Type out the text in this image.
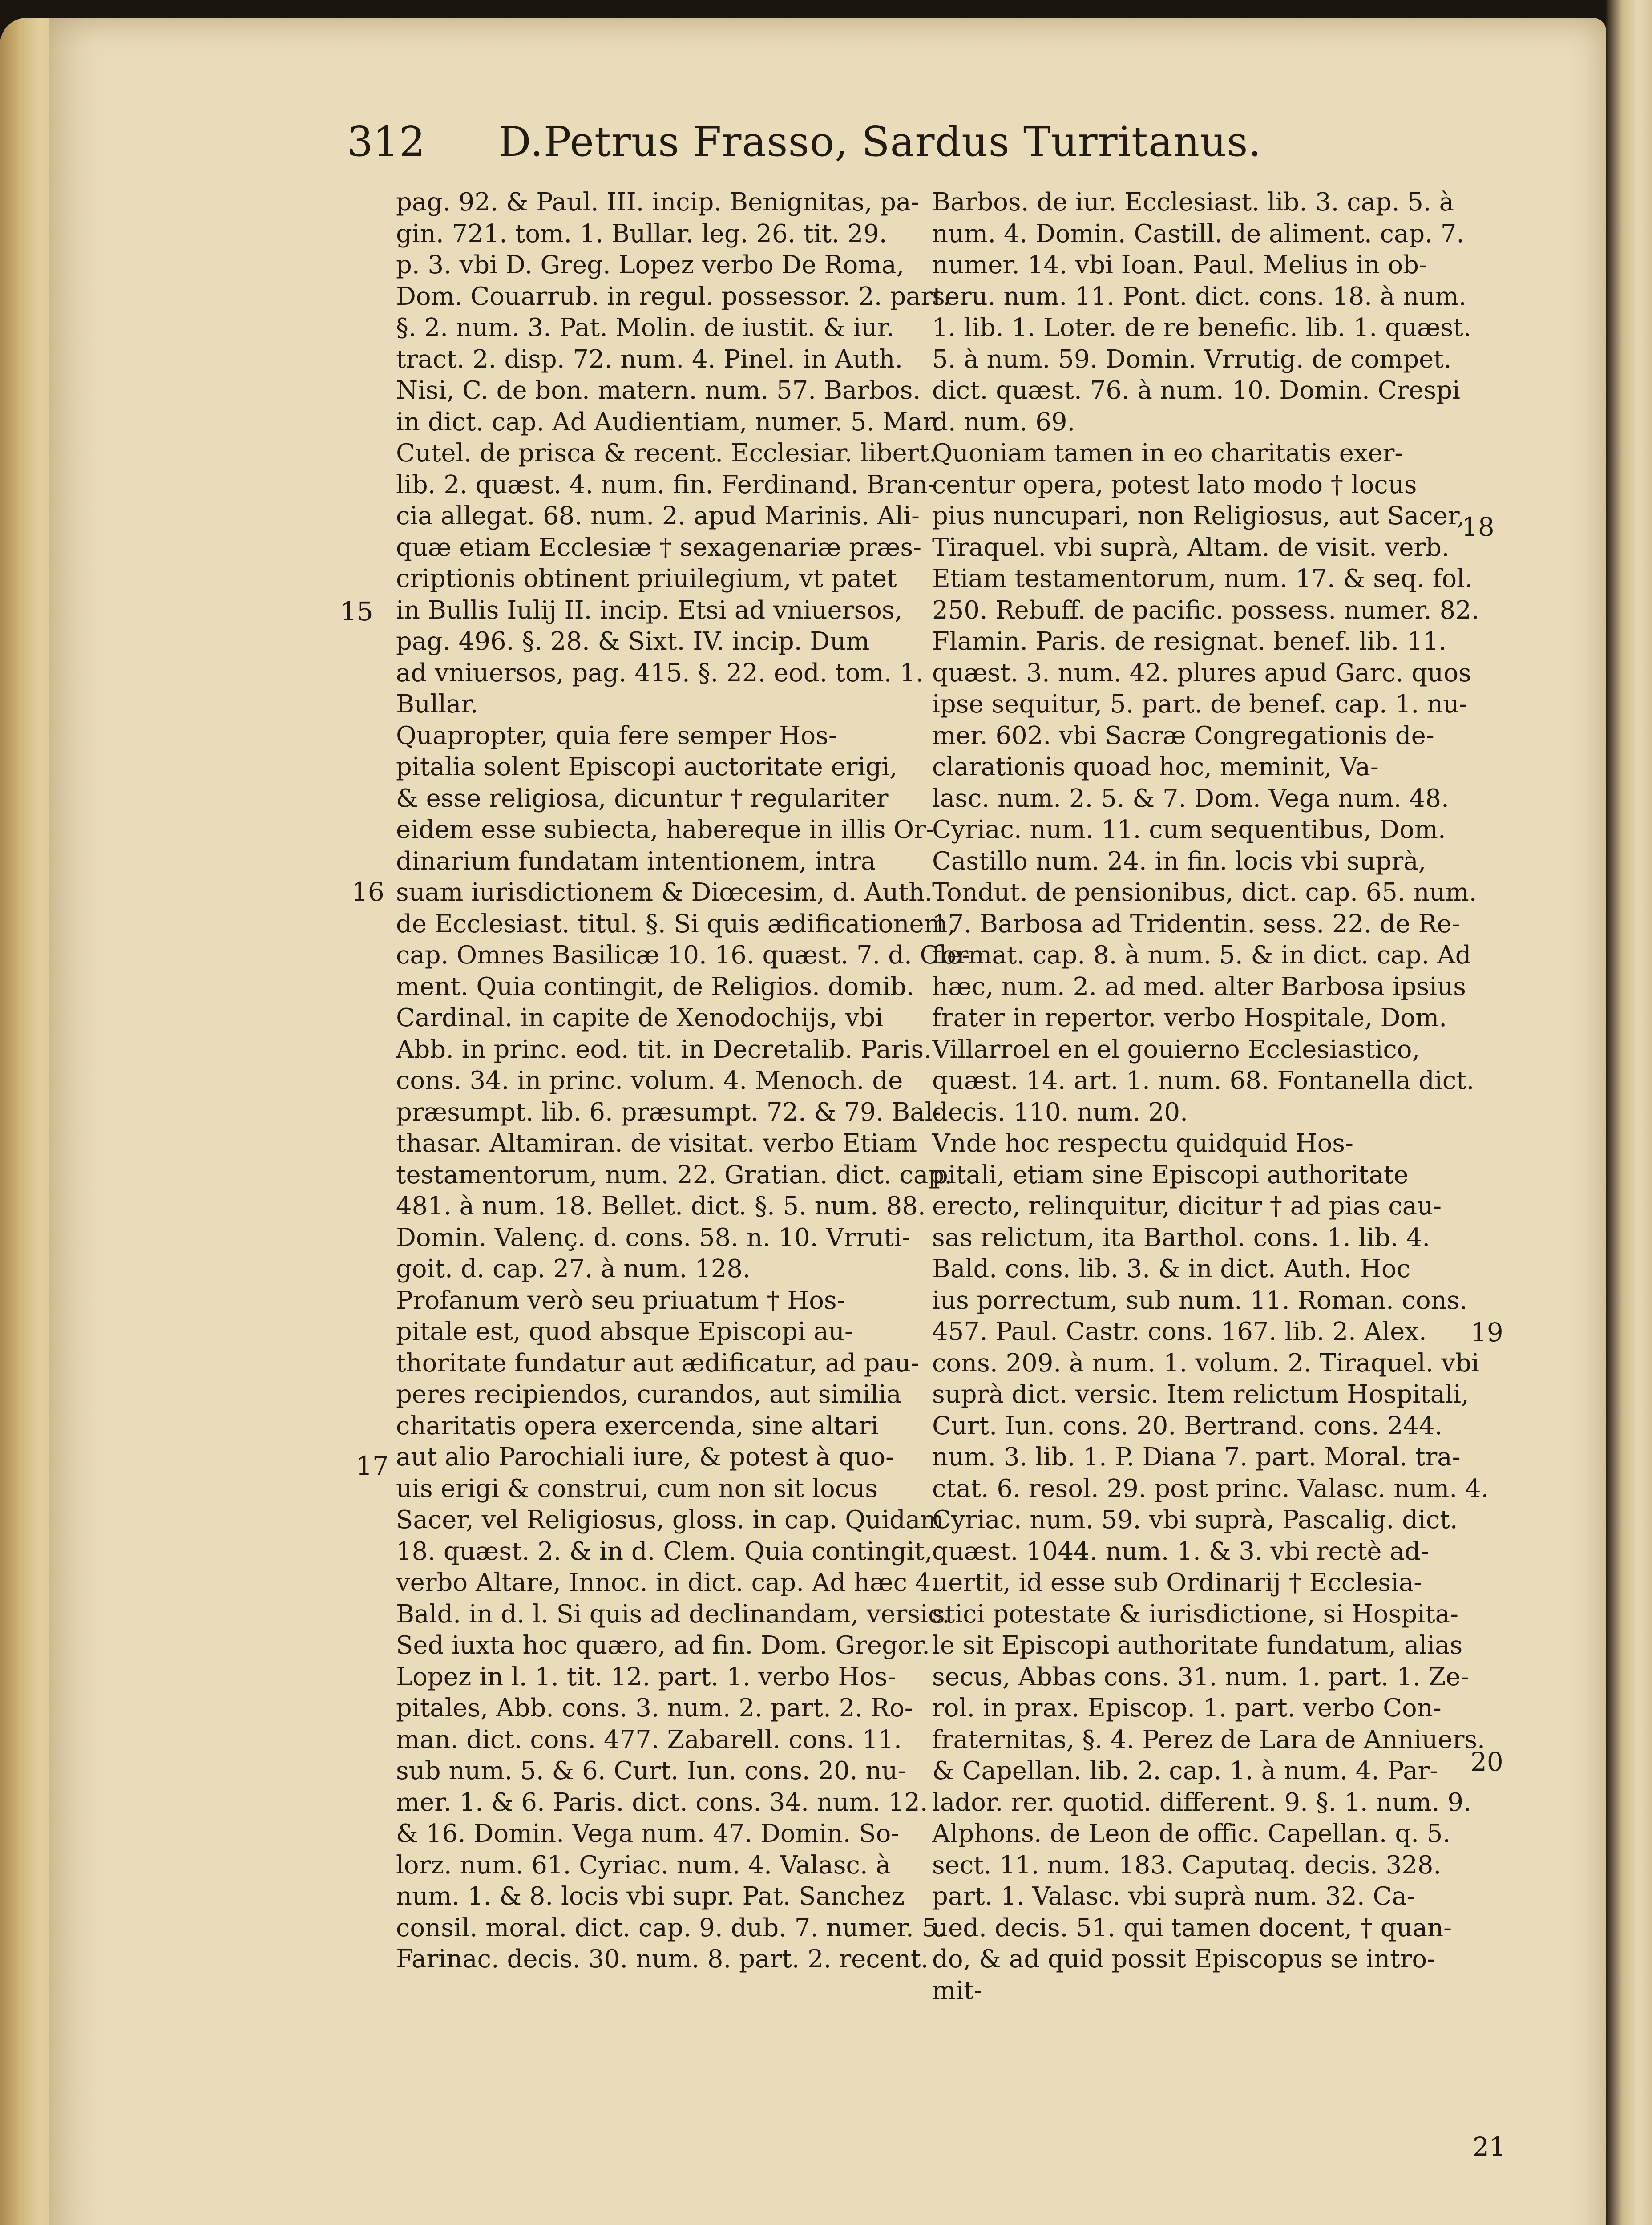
312 D.Petrus Frasso, Sardus Turritanus.
pag. 92. & Paul. III. incip. Benignitas, pa-
gin. 721. tom. 1. Bullar. leg. 26. tit. 29.
p. 3. vbi D. Greg. Lopez verbo De Roma,
Dom. Couarrub. in regul. possessor. 2. part.
§. 2. num. 3. Pat. Molin. de iustit. & iur.
tract. 2. disp. 72. num. 4. Pinel. in Auth.
Nisi, C. de bon. matern. num. 57. Barbos.
in dict. cap. Ad Audientiam, numer. 5. Mar.
Cutel. de prisca & recent. Ecclesiar. libert.
lib. 2. quæst. 4. num. fin. Ferdinand. Bran-
cia allegat. 68. num. 2. apud Marinis. Ali-
quæ etiam Ecclesiæ † sexagenariæ præs-
criptionis obtinent priuilegium, vt patet
in Bullis Iulij II. incip. Etsi ad vniuersos,
pag. 496. §. 28. & Sixt. IV. incip. Dum
ad vniuersos, pag. 415. §. 22. eod. tom. 1.
Bullar.
Quapropter, quia fere semper Hos-
pitalia solent Episcopi auctoritate erigi,
& esse religiosa, dicuntur † regulariter
eidem esse subiecta, habereque in illis Or-
dinarium fundatam intentionem, intra
suam iurisdictionem & Diœcesim, d. Auth.
de Ecclesiast. titul. §. Si quis ædificationem,
cap. Omnes Basilicæ 10. 16. quæst. 7. d. Cle-
ment. Quia contingit, de Religios. domib.
Cardinal. in capite de Xenodochijs, vbi
Abb. in princ. eod. tit. in Decretalib. Paris.
cons. 34. in princ. volum. 4. Menoch. de
præsumpt. lib. 6. præsumpt. 72. & 79. Bal-
thasar. Altamiran. de visitat. verbo Etiam
testamentorum, num. 22. Gratian. dict. cap.
481. à num. 18. Bellet. dict. §. 5. num. 88.
Domin. Valenç. d. cons. 58. n. 10. Vrruti-
goit. d. cap. 27. à num. 128.
Profanum verò seu priuatum † Hos-
pitale est, quod absque Episcopi au-
thoritate fundatur aut ædificatur, ad pau-
peres recipiendos, curandos, aut similia
charitatis opera exercenda, sine altari
aut alio Parochiali iure, & potest à quo-
uis erigi & construi, cum non sit locus
Sacer, vel Religiosus, gloss. in cap. Quidam
18. quæst. 2. & in d. Clem. Quia contingit,
verbo Altare, Innoc. in dict. cap. Ad hæc 4.
Bald. in d. l. Si quis ad declinandam, versic.
Sed iuxta hoc quæro, ad fin. Dom. Gregor.
Lopez in l. 1. tit. 12. part. 1. verbo Hos-
pitales, Abb. cons. 3. num. 2. part. 2. Ro-
man. dict. cons. 477. Zabarell. cons. 11.
sub num. 5. & 6. Curt. Iun. cons. 20. nu-
mer. 1. & 6. Paris. dict. cons. 34. num. 12.
& 16. Domin. Vega num. 47. Domin. So-
lorz. num. 61. Cyriac. num. 4. Valasc. à
num. 1. & 8. locis vbi supr. Pat. Sanchez
consil. moral. dict. cap. 9. dub. 7. numer. 5.
Farinac. decis. 30. num. 8. part. 2. recent.
Barbos. de iur. Ecclesiast. lib. 3. cap. 5. à
num. 4. Domin. Castill. de aliment. cap. 7.
numer. 14. vbi Ioan. Paul. Melius in ob-
seru. num. 11. Pont. dict. cons. 18. à num.
1. lib. 1. Loter. de re benefic. lib. 1. quæst.
5. à num. 59. Domin. Vrrutig. de compet.
dict. quæst. 76. à num. 10. Domin. Crespi
d. num. 69.
Quoniam tamen in eo charitatis exer-
centur opera, potest lato modo † locus
pius nuncupari, non Religiosus, aut Sacer,
Tiraquel. vbi suprà, Altam. de visit. verb.
Etiam testamentorum, num. 17. & seq. fol.
250. Rebuff. de pacific. possess. numer. 82.
Flamin. Paris. de resignat. benef. lib. 11.
quæst. 3. num. 42. plures apud Garc. quos
ipse sequitur, 5. part. de benef. cap. 1. nu-
mer. 602. vbi Sacræ Congregationis de-
clarationis quoad hoc, meminit, Va-
lasc. num. 2. 5. & 7. Dom. Vega num. 48.
Cyriac. num. 11. cum sequentibus, Dom.
Castillo num. 24. in fin. locis vbi suprà,
Tondut. de pensionibus, dict. cap. 65. num.
17. Barbosa ad Tridentin. sess. 22. de Re-
format. cap. 8. à num. 5. & in dict. cap. Ad
hæc, num. 2. ad med. alter Barbosa ipsius
frater in repertor. verbo Hospitale, Dom.
Villarroel en el gouierno Ecclesiastico,
quæst. 14. art. 1. num. 68. Fontanella dict.
decis. 110. num. 20.
Vnde hoc respectu quidquid Hos-
pitali, etiam sine Episcopi authoritate
erecto, relinquitur, dicitur † ad pias cau-
sas relictum, ita Barthol. cons. 1. lib. 4.
Bald. cons. lib. 3. & in dict. Auth. Hoc
ius porrectum, sub num. 11. Roman. cons.
457. Paul. Castr. cons. 167. lib. 2. Alex.
cons. 209. à num. 1. volum. 2. Tiraquel. vbi
suprà dict. versic. Item relictum Hospitali,
Curt. Iun. cons. 20. Bertrand. cons. 244.
num. 3. lib. 1. P. Diana 7. part. Moral. tra-
ctat. 6. resol. 29. post princ. Valasc. num. 4.
Cyriac. num. 59. vbi suprà, Pascalig. dict.
quæst. 1044. num. 1. & 3. vbi rectè ad-
uertit, id esse sub Ordinarij † Ecclesia-
stici potestate & iurisdictione, si Hospita-
le sit Episcopi authoritate fundatum, alias
secus, Abbas cons. 31. num. 1. part. 1. Ze-
rol. in prax. Episcop. 1. part. verbo Con-
fraternitas, §. 4. Perez de Lara de Anniuers.
& Capellan. lib. 2. cap. 1. à num. 4. Par-
lador. rer. quotid. different. 9. §. 1. num. 9.
Alphons. de Leon de offic. Capellan. q. 5.
sect. 11. num. 183. Caputaq. decis. 328.
part. 1. Valasc. vbi suprà num. 32. Ca-
ued. decis. 51. qui tamen docent, † quan-
do, & ad quid possit Episcopus se intro-
mit-
15
16
17
18
19
20
21
